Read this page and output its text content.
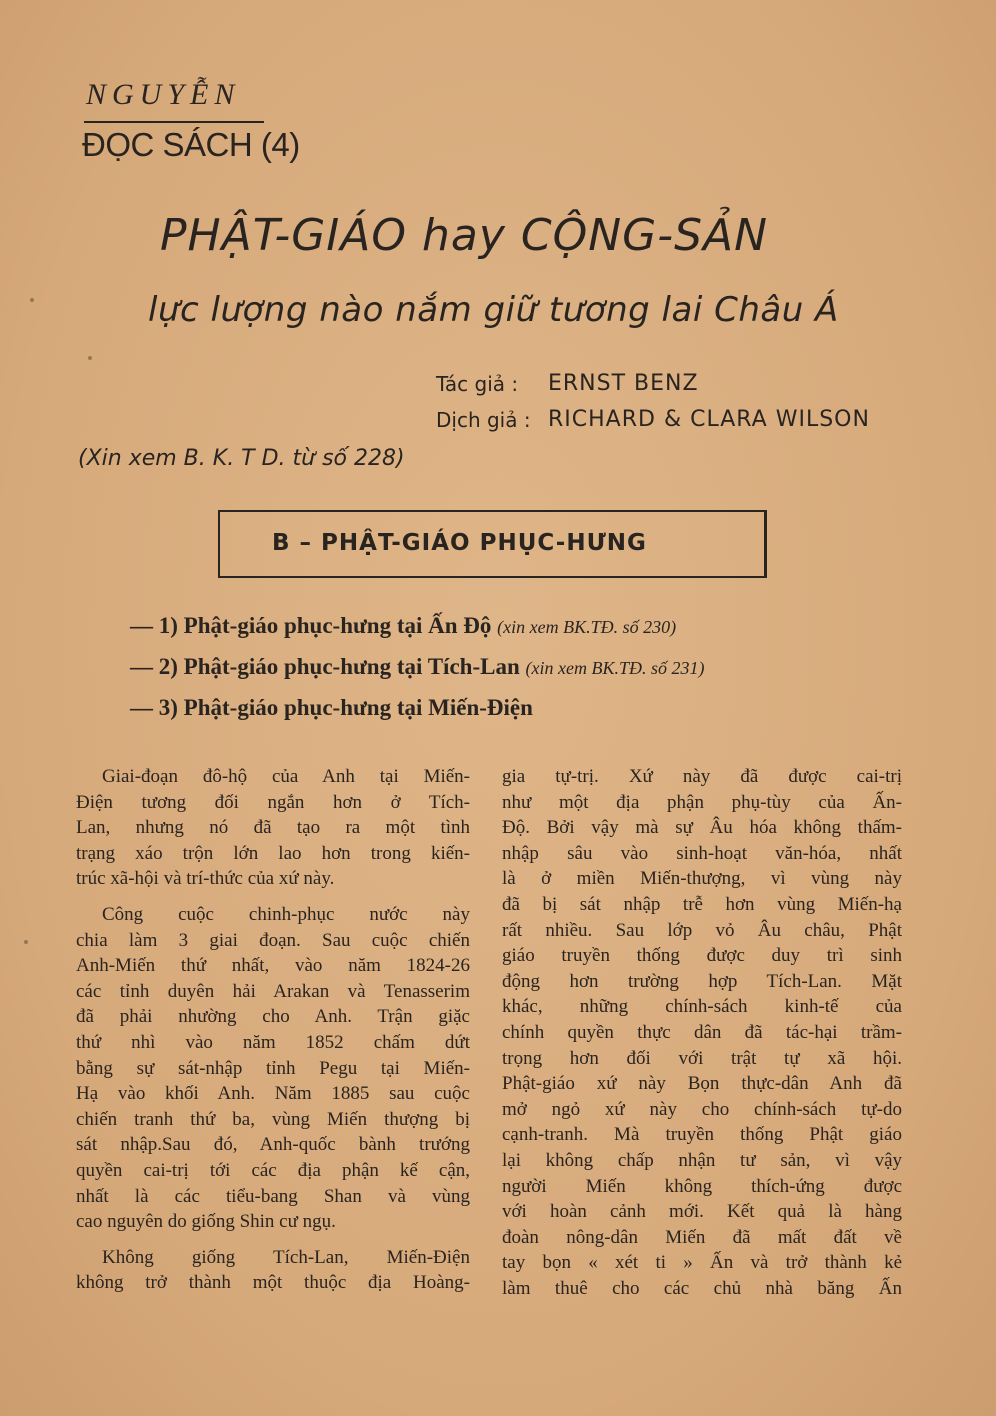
NGUYỄN
ĐỌC SÁCH (4)
PHẬT-GIÁO hay CỘNG-SẢN
lực lượng nào nắm giữ tương lai Châu Á
Tác giả :	ERNST BENZ
Dịch giả : RICHARD & CLARA WILSON
(Xin xem B. K. T D. từ số 228)
B – PHẬT-GIÁO PHỤC-HƯNG
— 1) Phật-giáo phục-hưng tại Ấn Độ (xin xem BK.TĐ. số 230)
— 2) Phật-giáo phục-hưng tại Tích-Lan (xin xem BK.TĐ. số 231)
— 3) Phật-giáo phục-hưng tại Miến-Điện

Giai-đoạn đô-hộ của Anh tại Miến-
Điện tương đối ngắn hơn ở Tích-
Lan, nhưng nó đã tạo ra một tình
trạng xáo trộn lớn lao hơn trong kiến-
trúc xã-hội và trí-thức của xứ này.

Công cuộc chinh-phục nước này
chia làm 3 giai đoạn. Sau cuộc chiến
Anh-Miến thứ nhất, vào năm 1824-26
các tỉnh duyên hải Arakan và Tenasserim
đã phải nhường cho Anh. Trận giặc
thứ nhì vào năm 1852 chấm dứt
bằng sự sát-nhập tỉnh Pegu tại Miến-
Hạ vào khối Anh. Năm 1885 sau cuộc
chiến tranh thứ ba, vùng Miến thượng bị
sát nhập.Sau đó, Anh-quốc bành trướng
quyền cai-trị tới các địa phận kế cận,
nhất là các tiểu-bang Shan và vùng
cao nguyên do giống Shin cư ngụ.

Không giống Tích-Lan, Miến-Điện
không trở thành một thuộc địa Hoàng-

gia tự-trị. Xứ này đã được cai-trị
như một địa phận phụ-tùy của Ấn-
Độ. Bởi vậy mà sự Âu hóa không thấm-
nhập sâu vào sinh-hoạt văn-hóa, nhất
là ở miền Miến-thượng, vì vùng này
đã bị sát nhập trễ hơn vùng Miến-hạ
rất nhiều. Sau lớp vỏ Âu châu, Phật
giáo truyền thống được duy trì sinh
động hơn trường hợp Tích-Lan. Mặt
khác, những chính-sách kinh-tế của
chính quyền thực dân đã tác-hại trầm-
trọng hơn đối với trật tự xã hội.
Phật-giáo xứ này Bọn thực-dân Anh đã
mở ngỏ xứ này cho chính-sách tự-do
cạnh-tranh. Mà truyền thống Phật giáo
lại không chấp nhận tư sản, vì vậy
người Miến không thích-ứng được
với hoàn cảnh mới. Kết quả là hàng
đoàn nông-dân Miến đã mất đất về
tay bọn « xét ti » Ấn và trở thành kẻ
làm thuê cho các chủ nhà băng Ấn
